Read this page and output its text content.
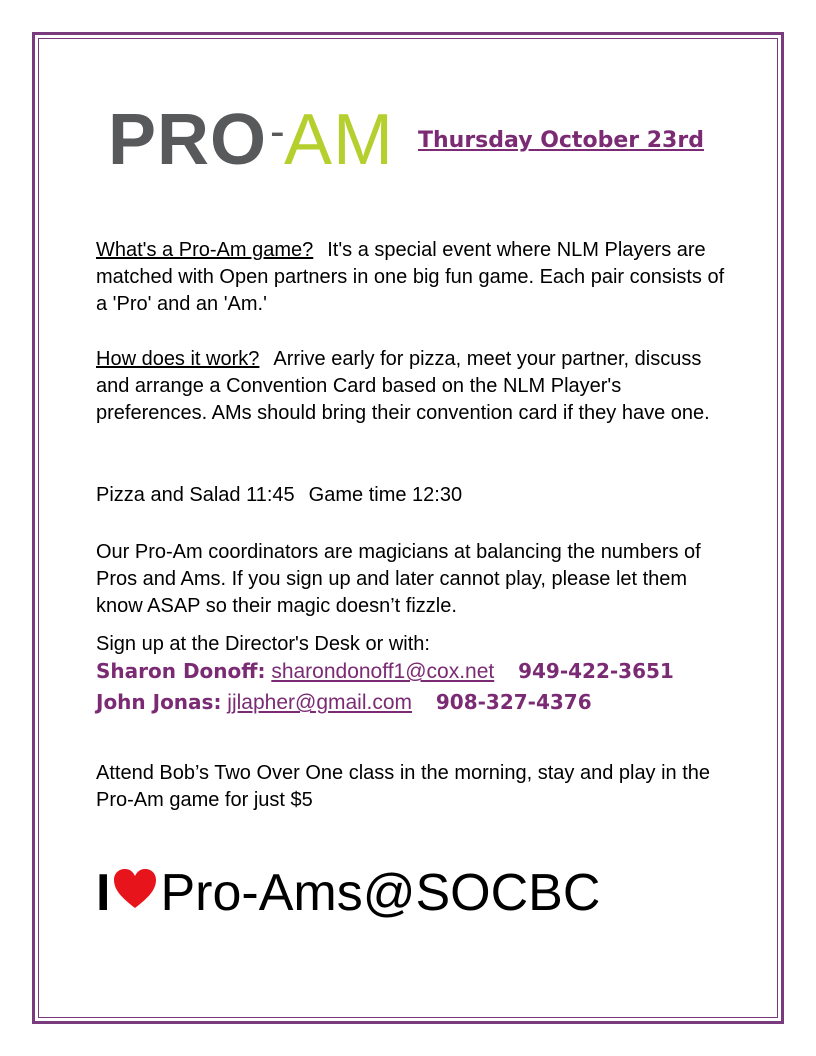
PRO - AM Thursday October 23rd

What's a Pro-Am game? It's a special event where NLM Players are matched with Open partners in one big fun game. Each pair consists of a 'Pro' and an 'Am.'

How does it work? Arrive early for pizza, meet your partner, discuss and arrange a Convention Card based on the NLM Player's preferences. AMs should bring their convention card if they have one.

Pizza and Salad 11:45 Game time 12:30

Our Pro-Am coordinators are magicians at balancing the numbers of Pros and Ams. If you sign up and later cannot play, please let them know ASAP so their magic doesn’t fizzle.

Sign up at the Director's Desk or with:

Sharon Donoff: sharondonoff1@cox.net 949-422-3651
John Jonas: jjlapher@gmail.com 908-327-4376

Attend Bob’s Two Over One class in the morning, stay and play in the Pro-Am game for just $5

I Pro-Ams@SOCBC
